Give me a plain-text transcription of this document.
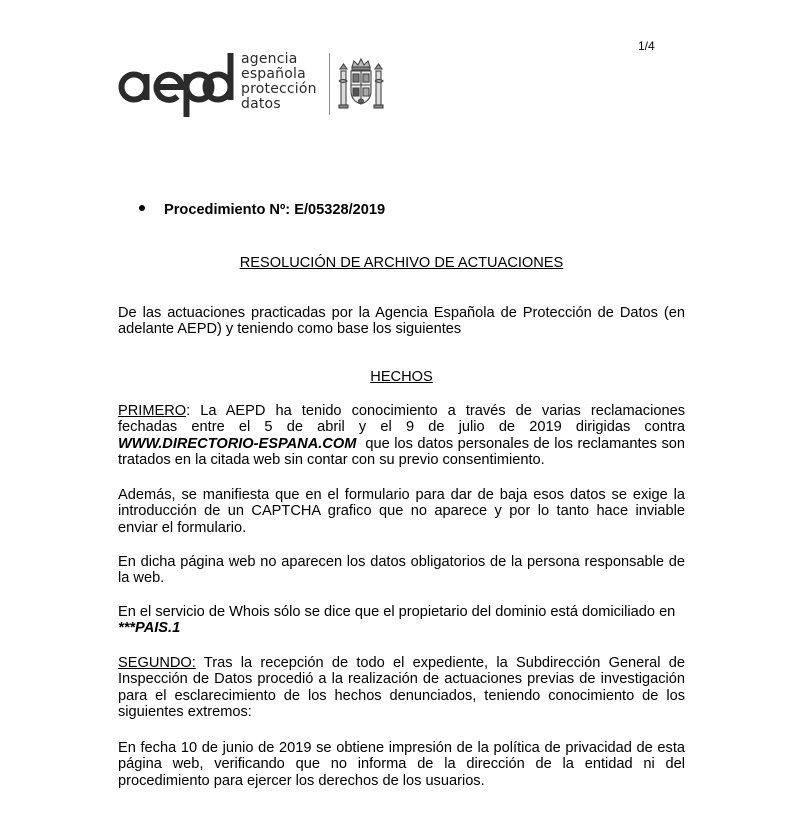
1/4
agencia
española
protección
datos
Procedimiento Nº: E/05328/2019
RESOLUCIÓN DE ARCHIVO DE ACTUACIONES
De las actuaciones practicadas por la Agencia Española de Protección de Datos (en adelante AEPD) y teniendo como base los siguientes
HECHOS
PRIMERO: La AEPD ha tenido conocimiento a través de varias reclamaciones fechadas entre el 5 de abril y el 9 de julio de 2019 dirigidas contra WWW.DIRECTORIO-ESPANA.COM que los datos personales de los reclamantes son tratados en la citada web sin contar con su previo consentimiento.
Además, se manifiesta que en el formulario para dar de baja esos datos se exige la introducción de un CAPTCHA grafico que no aparece y por lo tanto hace inviable enviar el formulario.
En dicha página web no aparecen los datos obligatorios de la persona responsable de la web.
En el servicio de Whois sólo se dice que el propietario del dominio está domiciliado en
***PAIS.1
SEGUNDO: Tras la recepción de todo el expediente, la Subdirección General de Inspección de Datos procedió a la realización de actuaciones previas de investigación para el esclarecimiento de los hechos denunciados, teniendo conocimiento de los siguientes extremos:
En fecha 10 de junio de 2019 se obtiene impresión de la política de privacidad de esta página web, verificando que no informa de la dirección de la entidad ni del procedimiento para ejercer los derechos de los usuarios.
